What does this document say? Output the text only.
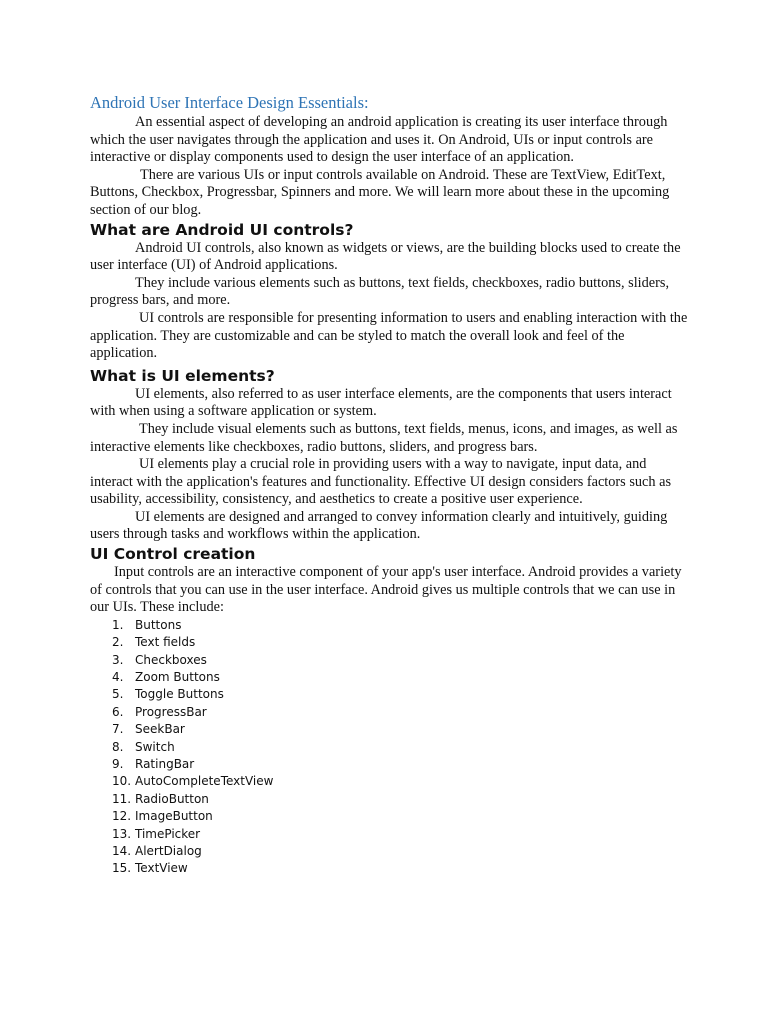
Android User Interface Design Essentials:

An essential aspect of developing an android application is creating its user interface through which the user navigates through the application and uses it. On Android, UIs or input controls are interactive or display components used to design the user interface of an application.

There are various UIs or input controls available on Android. These are TextView, EditText, Buttons, Checkbox, Progressbar, Spinners and more. We will learn more about these in the upcoming section of our blog.

What are Android UI controls?

Android UI controls, also known as widgets or views, are the building blocks used to create the user interface (UI) of Android applications.

They include various elements such as buttons, text fields, checkboxes, radio buttons, sliders, progress bars, and more.

UI controls are responsible for presenting information to users and enabling interaction with the application. They are customizable and can be styled to match the overall look and feel of the application.

What is UI elements?

UI elements, also referred to as user interface elements, are the components that users interact with when using a software application or system.

They include visual elements such as buttons, text fields, menus, icons, and images, as well as interactive elements like checkboxes, radio buttons, sliders, and progress bars.

UI elements play a crucial role in providing users with a way to navigate, input data, and interact with the application's features and functionality. Effective UI design considers factors such as usability, accessibility, consistency, and aesthetics to create a positive user experience.

UI elements are designed and arranged to convey information clearly and intuitively, guiding users through tasks and workflows within the application.

UI Control creation

Input controls are an interactive component of your app's user interface. Android provides a variety of controls that you can use in the user interface. Android gives us multiple controls that we can use in our UIs. These include:

1. Buttons
2. Text fields
3. Checkboxes
4. Zoom Buttons
5. Toggle Buttons
6. ProgressBar
7. SeekBar
8. Switch
9. RatingBar
10. AutoCompleteTextView
11. RadioButton
12. ImageButton
13. TimePicker
14. AlertDialog
15. TextView
